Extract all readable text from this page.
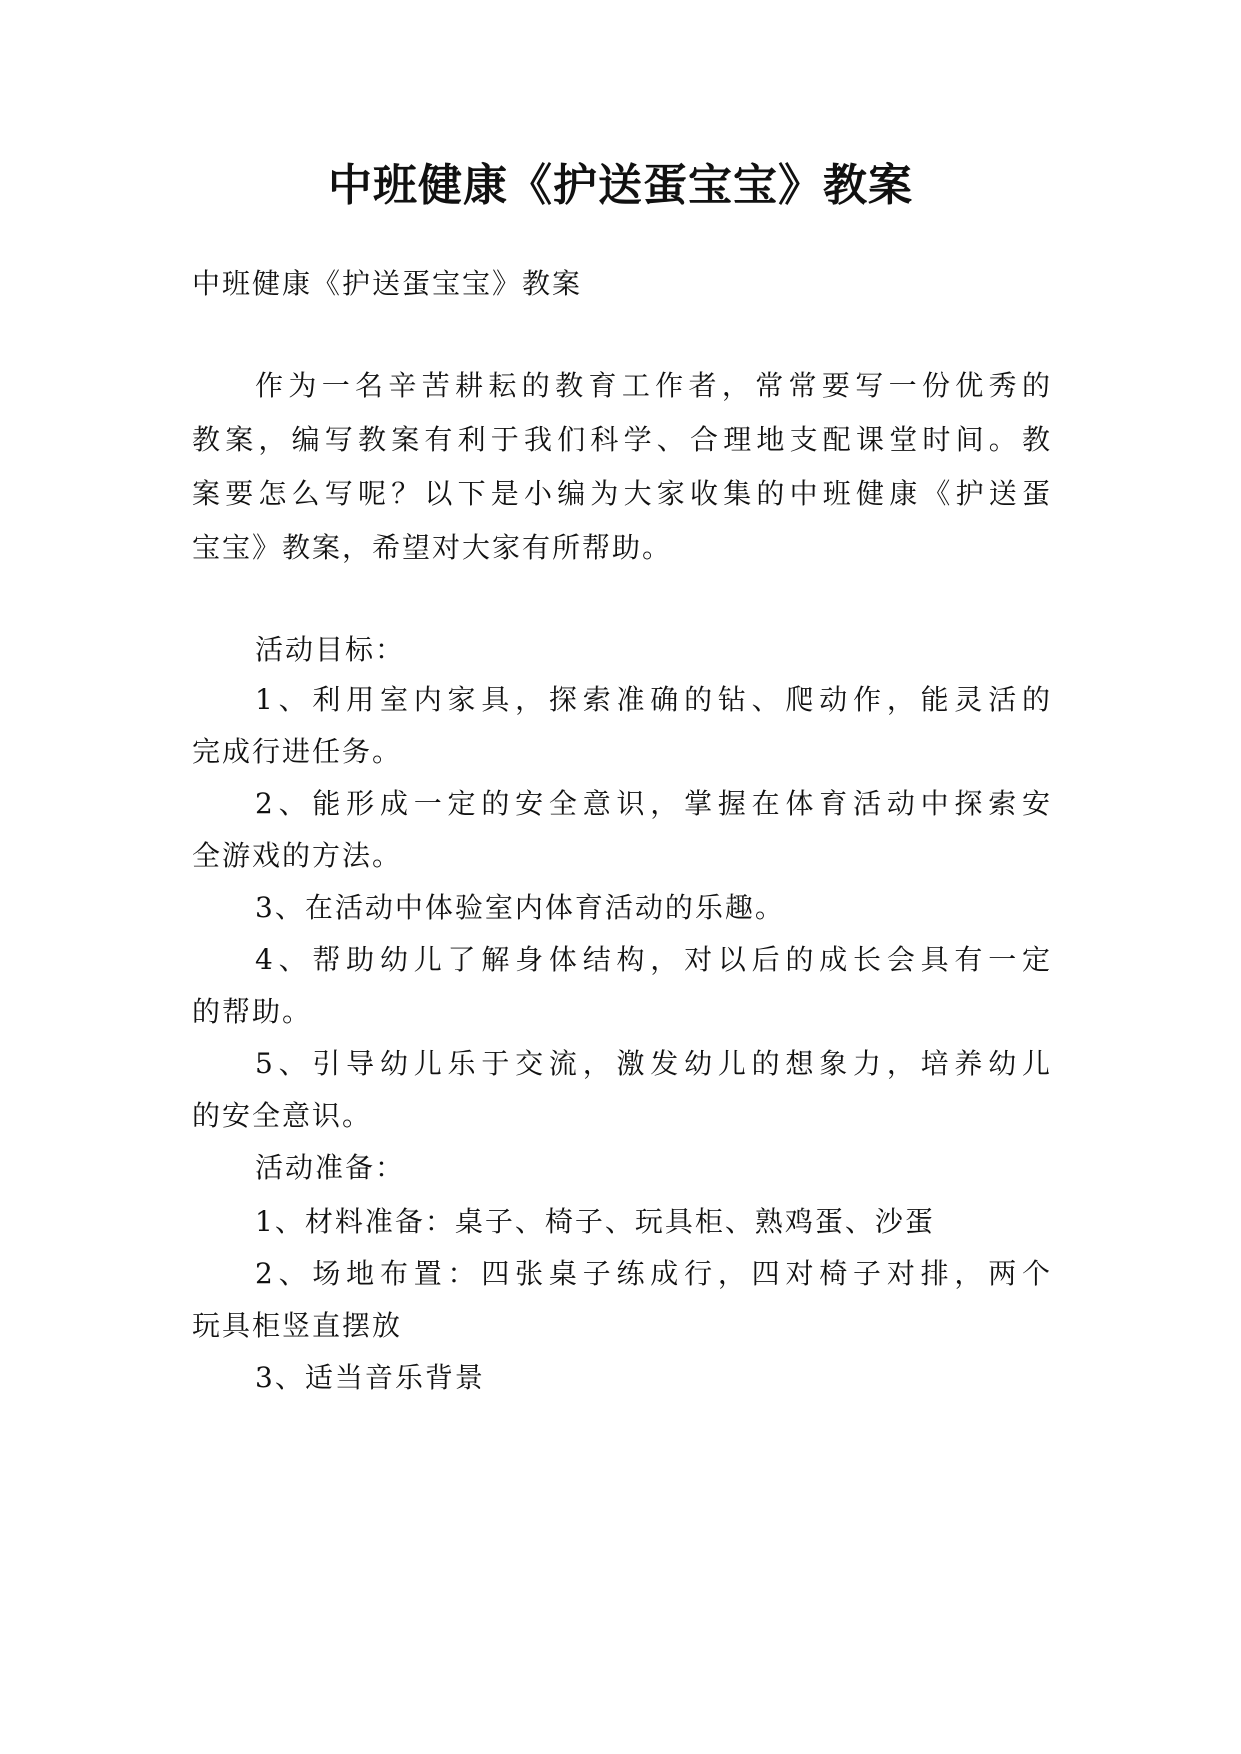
中班健康《护送蛋宝宝》教案
中班健康《护送蛋宝宝》教案
作为一名辛苦耕耘的教育工作者，常常要写一份优秀的
教案，编写教案有利于我们科学、合理地支配课堂时间。教
案要怎么写呢？以下是小编为大家收集的中班健康《护送蛋
宝宝》教案，希望对大家有所帮助。
活动目标：
1、利用室内家具，探索准确的钻、爬动作，能灵活的
完成行进任务。
2、能形成一定的安全意识，掌握在体育活动中探索安
全游戏的方法。
3、在活动中体验室内体育活动的乐趣。
4、帮助幼儿了解身体结构，对以后的成长会具有一定
的帮助。
5、引导幼儿乐于交流，激发幼儿的想象力，培养幼儿
的安全意识。
活动准备：
1、材料准备：桌子、椅子、玩具柜、熟鸡蛋、沙蛋
2、场地布置：四张桌子练成行，四对椅子对排，两个
玩具柜竖直摆放
3、适当音乐背景
